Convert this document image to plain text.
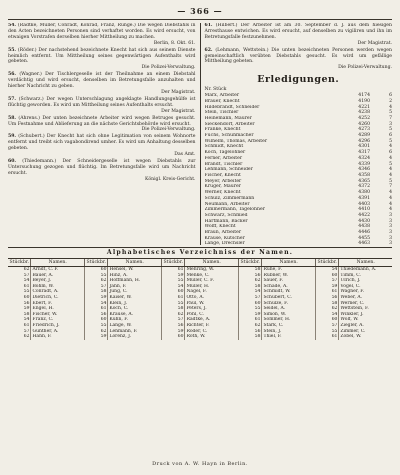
— 366 —

54. (Radtke, Müller, Conradt, Konrad, Franz, Runge.) Die wegen Diebstahls in den Acten bezeichneten Personen sind verhaftet worden. Es wird ersucht, von etwaigen Vorstrafen derselben hierher Mittheilung zu machen.
Berlin, 8. Okt. 61.

55. (Röder.) Der nachstehend bezeichnete Knecht hat sich aus seinem Dienste heimlich entfernt. Um Mittheilung seines gegenwärtigen Aufenthalts wird gebeten.
Die Polizei-Verwaltung.

56. (Wagner.) Der Tischlergeselle ist der Theilnahme an einem Diebstahl verdächtig und wird ersucht, denselben im Betretungsfalle anzuhalten und hierher Nachricht zu geben.
Der Magistrat.

57. (Schwarz.) Der wegen Unterschlagung angeklagte Handlungsgehülfe ist flüchtig geworden. Es wird um Mittheilung seines Aufenthalts ersucht.
Der Magistrat.

58. (Ahrens.) Der unten bezeichnete Arbeiter wird wegen Betruges gesucht. Um Festnahme und Ablieferung an die nächste Gerichtsbehörde wird ersucht.
Die Polizei-Verwaltung.

59. (Schubert.) Der Knecht hat sich ohne Legitimation von seinem Wohnorte entfernt und treibt sich vagabondirend umher. Es wird um Anhaltung desselben gebeten.
Das Amt.

60. (Thiedemann.) Der Schneidergeselle ist wegen Diebstahls zur Untersuchung gezogen und flüchtig. Im Betretungsfalle wird um Nachricht ersucht.
Königl. Kreis-Gericht.

61. (Hilbert.) Der Arbeiter ist am 30. September d. J. aus dem hiesigen Arresthause entwichen. Es wird ersucht, auf denselben zu vigiliren und ihn im Betretungsfalle festzunehmen.
Der Magistrat.

62. (Lehmann, Wettstein.) Die unten bezeichneten Personen werden wegen gemeinschaftlich verübten Diebstahls gesucht. Es wird um gefällige Mittheilung gebeten.
Die Polizei-Verwaltung.

Erledigungen.
Nr. Stück
Marx, Arbeiter	4174	6
Bräuer, Knecht	4190	2
Hildebrandt, Schneider	4221	4
Stein, Tischler	4238	5
Heinemann, Maurer	4252	7
Sieckendorf, Arbeiter	4260	3
Franke, Knecht	4273	5
Fuchs, Schuhmacher	4289	6
Wilhelm, Thomas, Arbeiter	4296	5
Schmidt, Knecht	4301	4
Koch, Tagelöhner	4317	6
Ferner, Arbeiter	4324	4
Brandt, Tischler	4339	5
Lehmann, Schneider	4346	4
Fischer, Knecht	4358	4
Meyer, Arbeiter	4365	5
Krüger, Maurer	4372	7
Werner, Knecht	4380	4
Schulz, Zimmermann	4391	4
Neumann, Arbeiter	4403	4
Zimmermann, Tagelöhner	4410	4
Schwarz, Schmied	4422	3
Hartmann, Bäcker	4430	3
Wolff, Knecht	4438	3
Braun, Arbeiter	4446	3
Krause, Kutscher	4455	3
Lange, Drechsler	4463	3
Alphabetisches Verzeichniss der Namen.
Stückbr.	Namen.	Stückbr.	Namen.	Stückbr.	Namen.	Stückbr.	Namen.	Stückbr.	Namen.
62	Arndt, C. F.	60	Hensel, W.	61	Mehring, W.	58	Rühe, F.	54	Thiedemann, A.
57	Bauer, A.	55	Hinz, A.	59	Menke, C.	56	Rübner, W.	60	Timm, C.
54	Beyer, J.	62	Hoffmann, H.	55	Müller, C. F.	62	Sauer, F.	57	Ulrich, J.
61	Böhm, W.	57	Jahn, F.	54	Müller, H.	58	Schade, A.	59	Vogel, C.
55	Conradt, A.	58	Jung, C.	60	Nagel, F.	54	Schmidt, W.	61	Wagner, F.
60	Dietrich, C.	59	Kaiser, W.	61	Otto, A.	57	Schubert, C.	56	Weber, A.
56	Ebert, F.	54	Klein, J.	55	Paul, W.	60	Schulze, F.	58	Werner, C.
59	Engel, H.	61	Koch, C.	58	Peters, J.	55	Seidel, A.	62	Wettstein, F.
58	Fischer, W.	56	Krause, A.	62	Pohl, C.	59	Simon, W.	54	Winkler, J.
54	Franz, C.	60	Kuhn, F.	57	Radtke, A.	61	Sommer, H.	60	Wolf, W.
61	Friedrich, J.	55	Lange, W.	56	Richter, F.	62	Stark, C.	57	Ziegler, A.
57	Günther, A.	62	Lehmann, F.	59	Röder, C.	56	Stein, J.	55	Zimmer, C.
62	Hahn, F.	59	Lorenz, J.	60	Roth, W.	58	Thiel, F.	61	Zobel, W.
Druck von A. W. Hayn in Berlin.
